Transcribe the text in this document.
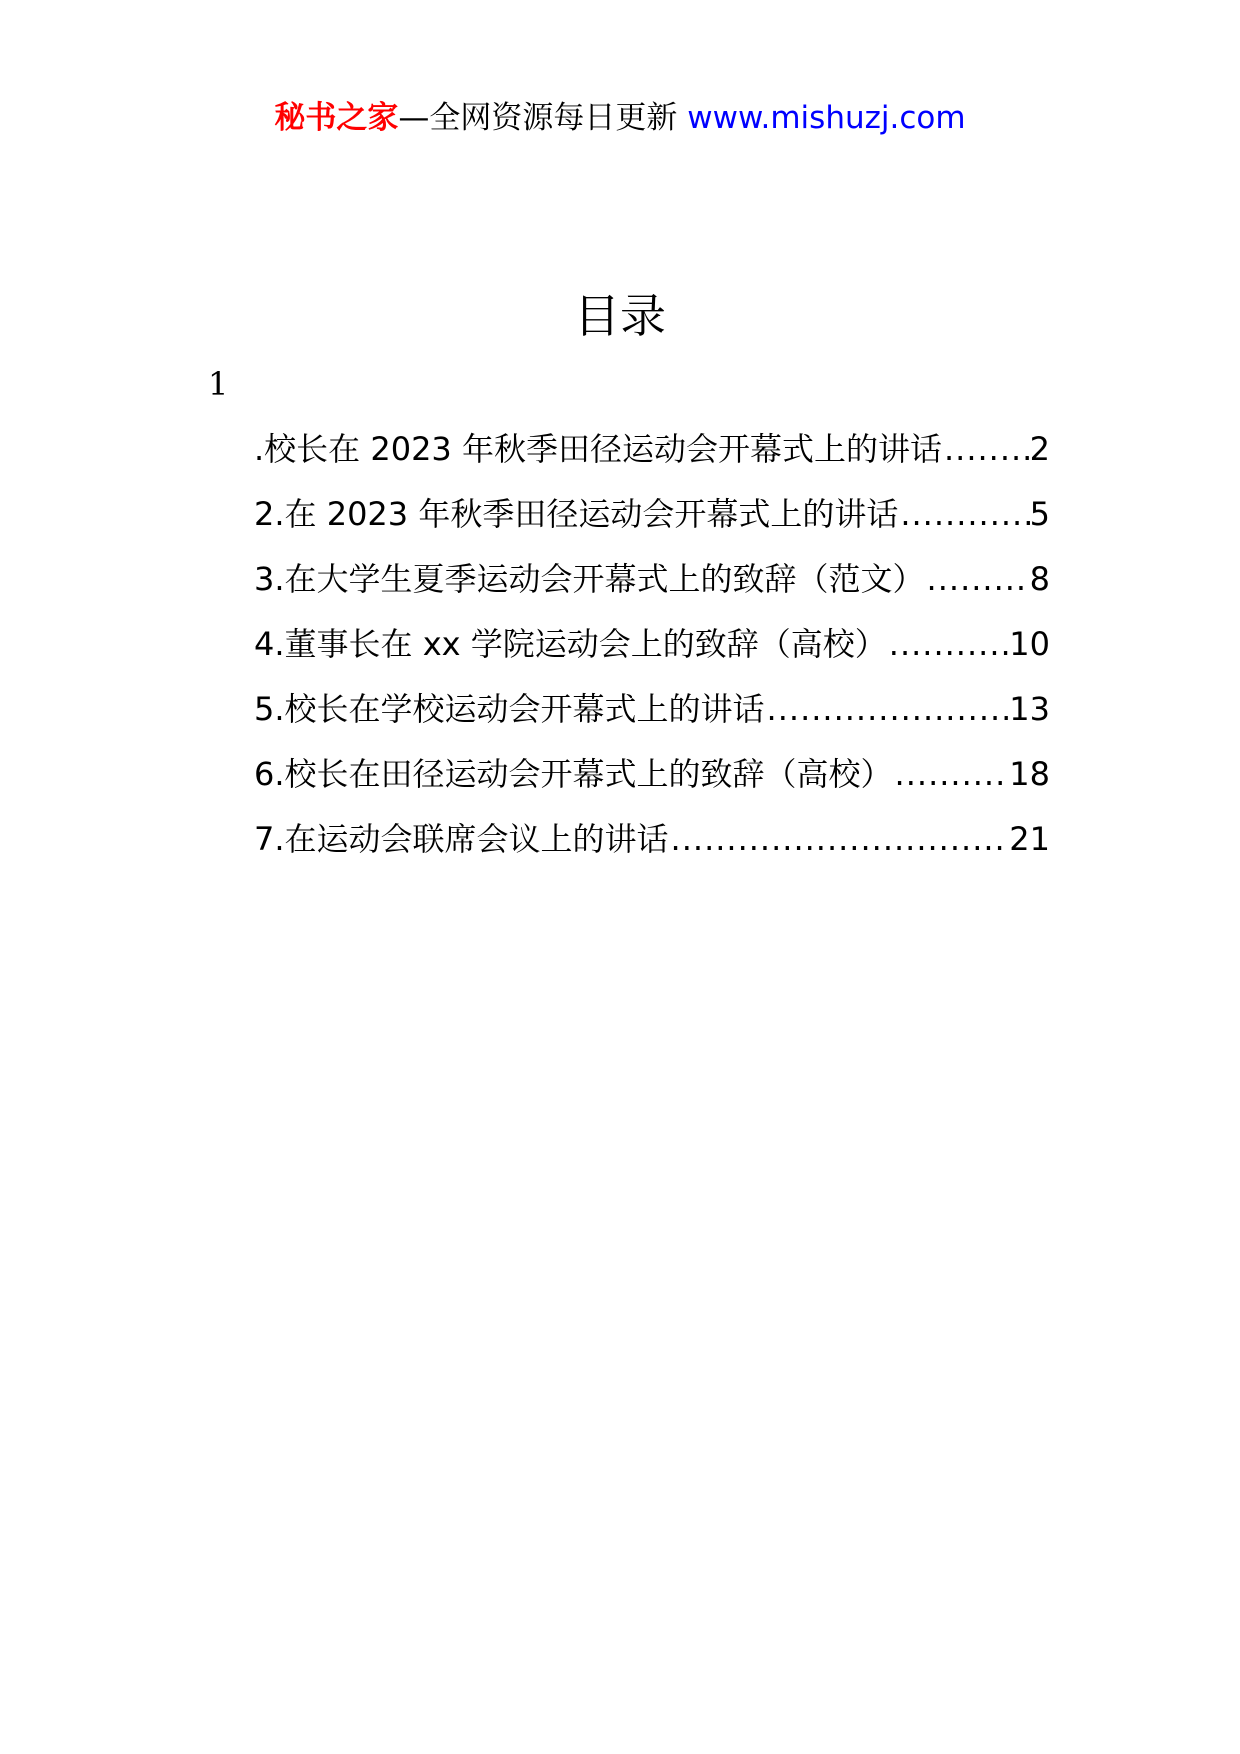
秘书之家—全网资源每日更新 www.mishuzj.com
目录
1
.校长在 2023 年秋季田径运动会开幕式上的讲话 .....	2
2.在 2023 年秋季田径运动会开幕式上的讲话 .....	5
3.在大学生夏季运动会开幕式上的致辞（范文） .....	8
4.董事长在 xx 学院运动会上的致辞（高校） .....	10
5.校长在学校运动会开幕式上的讲话 .....	13
6.校长在田径运动会开幕式上的致辞（高校） .....	18
7.在运动会联席会议上的讲话 .....	21
